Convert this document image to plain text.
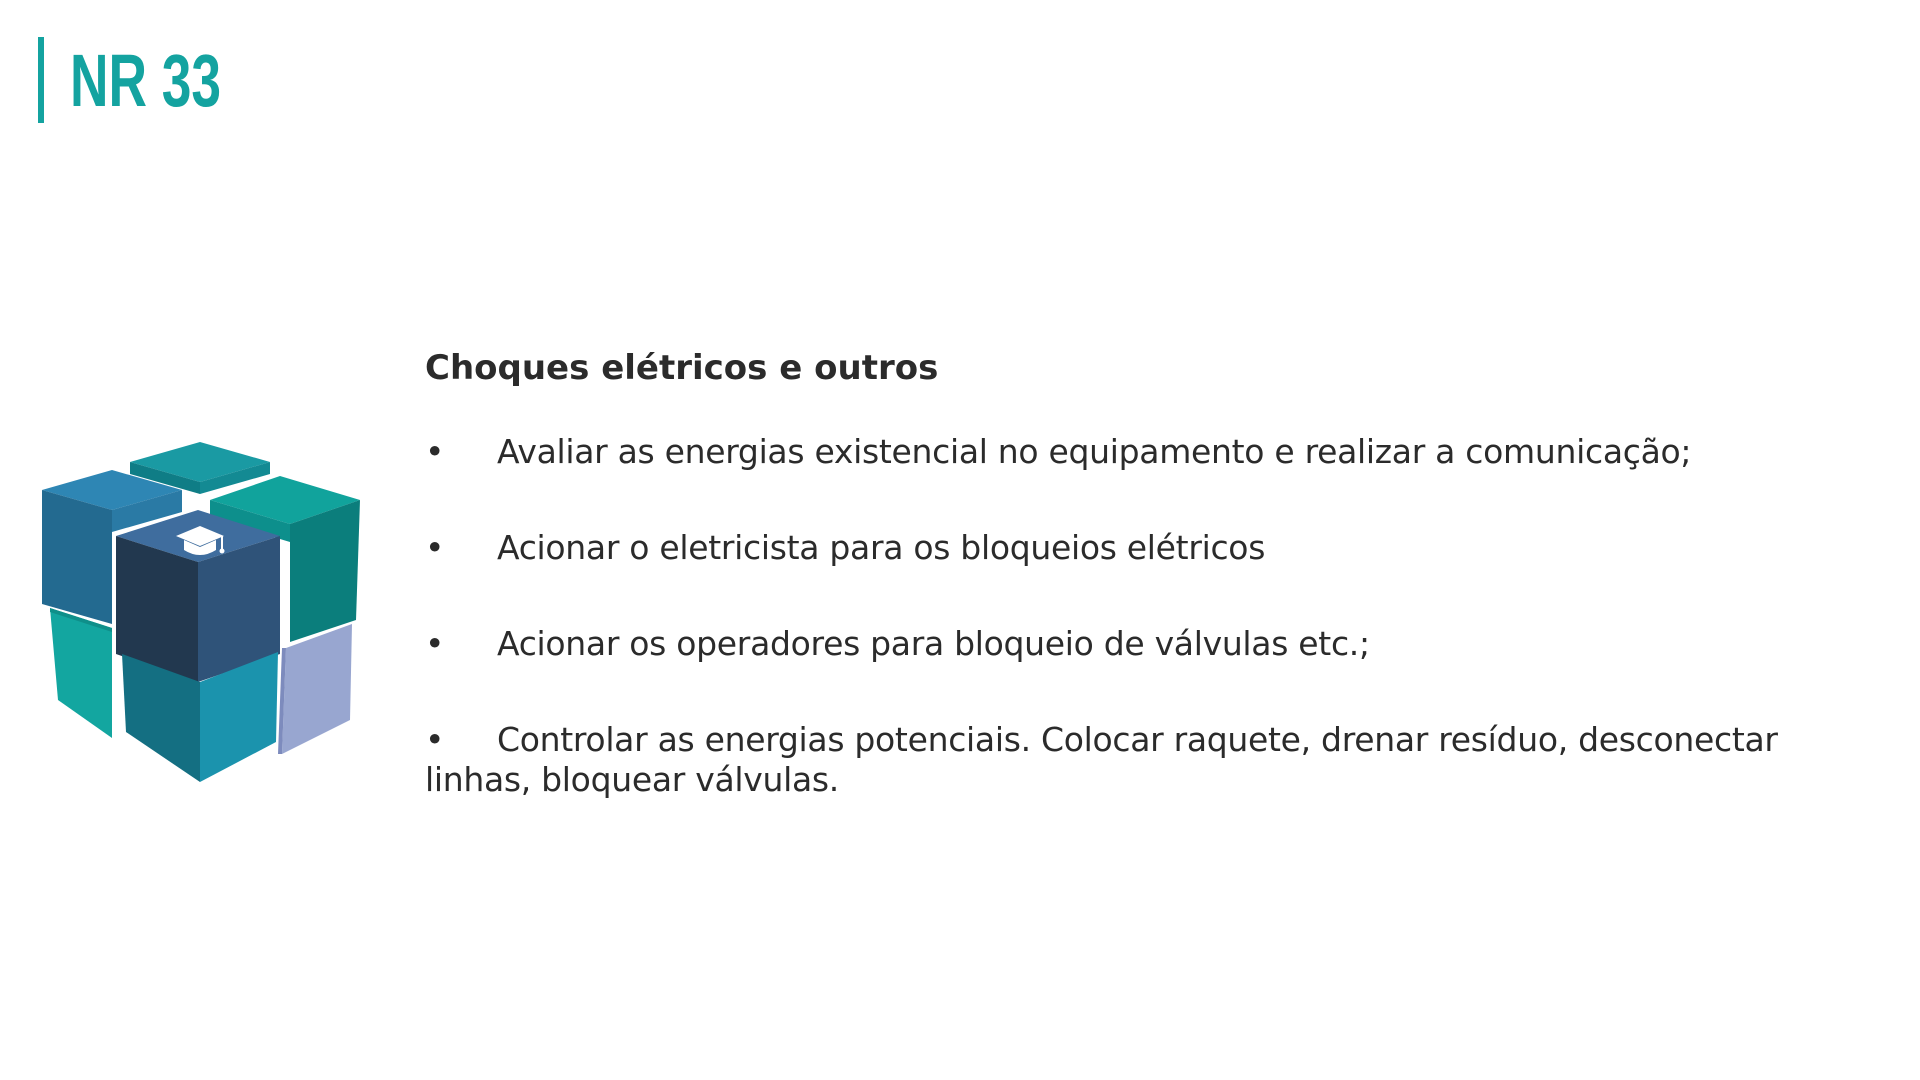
NR 33
Choques elétricos e outros
• Avaliar as energias existencial no equipamento e realizar a comunicação;
• Acionar o eletricista para os bloqueios elétricos
• Acionar os operadores para bloqueio de válvulas etc.;
• Controlar as energias potenciais. Colocar raquete, drenar resíduo, desconectar linhas, bloquear válvulas.
